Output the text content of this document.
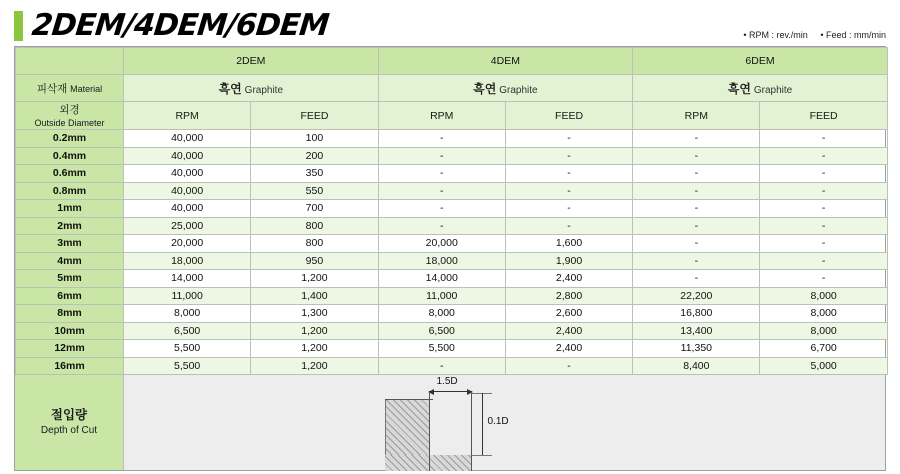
2DEM/4DEM/6DEM	• RPM : rev./min • Feed : mm/min
	2DEM		4DEM		6DEM	
피삭재 Material	흑연 Graphite		흑연 Graphite		흑연 Graphite	
외경
Outside Diameter	RPM	FEED	RPM	FEED	RPM	FEED
0.2mm	40,000	100	-	-	-	-
0.4mm	40,000	200	-	-	-	-
0.6mm	40,000	350	-	-	-	-
0.8mm	40,000	550	-	-	-	-
1mm	40,000	700	-	-	-	-
2mm	25,000	800	-	-	-	-
3mm	20,000	800	20,000	1,600	-	-
4mm	18,000	950	18,000	1,900	-	-
5mm	14,000	1,200	14,000	2,400	-	-
6mm	11,000	1,400	11,000	2,800	22,200	8,000
8mm	8,000	1,300	8,000	2,600	16,800	8,000
10mm	6,500	1,200	6,500	2,400	13,400	8,000
12mm	5,500	1,200	5,500	2,400	11,350	6,700
16mm	5,500	1,200	-	-	8,400	5,000
절입량
Depth of Cut
1.5D
0.1D
